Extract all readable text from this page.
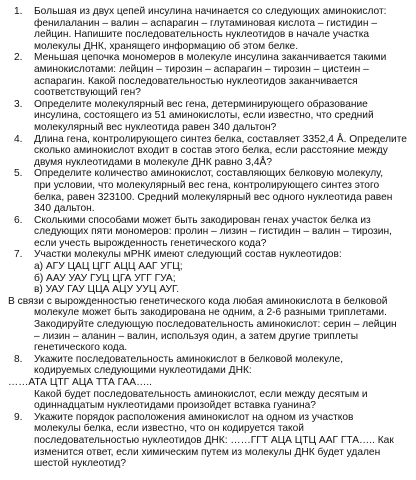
1.	Большая из двух цепей инсулина начинается со следующих аминокислот:
фенилаланин – валин – аспарагин – глутаминовая кислота – гистидин –
лейцин. Напишите последовательность нуклеотидов в начале участка
молекулы ДНК, хранящего информацию об этом белке.
2.	Меньшая цепочка мономеров в молекуле инсулина заканчивается такими
аминокислотами: лейцин – тирозин – аспарагин – тирозин – цистеин –
аспарагин. Какой последовательностью нуклеотидов заканчивается
соответствующий ген?
3.	Определите молекулярный вес гена, детерминирующего образование
инсулина, состоящего из 51 аминокислоты, если известно, что средний
молекулярный вес нуклеотида равен 340 дальтон?
4.	Длина гена, контролирующего синтез белка, составляет 3352,4 Å. Определите
сколько аминокислот входит в состав этого белка, если расстояние между
двумя нуклеотидами в молекуле ДНК равно 3,4Å?
5.	Определите количество аминокислот, составляющих белковую молекулу,
при условии, что молекулярный вес гена, контролирующего синтез этого
белка, равен 323100. Средний молекулярный вес одного нуклеотида равен
340 дальтон.
6.	Сколькими способами может быть закодирован генах участок белка из
следующих пяти мономеров: пролин – лизин – гистидин – валин – тирозин,
если учесть вырожденность генетического кода?
7.	Участки молекулы мРНК имеют следующий состав нуклеотидов:
а) АГУ ЦАЦ ЦГГ АЦЦ ААГ УГЦ;
б) ААУ УАУ ГУЦ ЦГА УГГ ГУА;
в) УАУ ГАУ ЦЦА АЦУ УУЦ АУГ.
В связи с вырожденностью генетического кода любая аминокислота в белковой
молекуле может быть закодирована не одним, а 2-6 разными триплетами.
Закодируйте следующую последовательность аминокислот: серин – лейцин
– лизин – аланин – валин, используя один, а затем другие триплеты
генетического кода.
8.	Укажите последовательность аминокислот в белковой молекуле,
кодируемых следующими нуклеотидами ДНК:
……АТА ЦТГ АЦА ТТА ГАА…..
Какой будет последовательность аминокислот, если между десятым и
одиннадцатым нуклеотидами произойдет вставка гуанина?
9.	Укажите порядок расположения аминокислот на одном из участков
молекулы белка, если известно, что он кодируется такой
последовательностью нуклеотидов ДНК: ……ГГТ АЦА ЦТЦ ААГ ГТА….. Как
изменится ответ, если химическим путем из молекулы ДНК будет удален
шестой нуклеотид?
